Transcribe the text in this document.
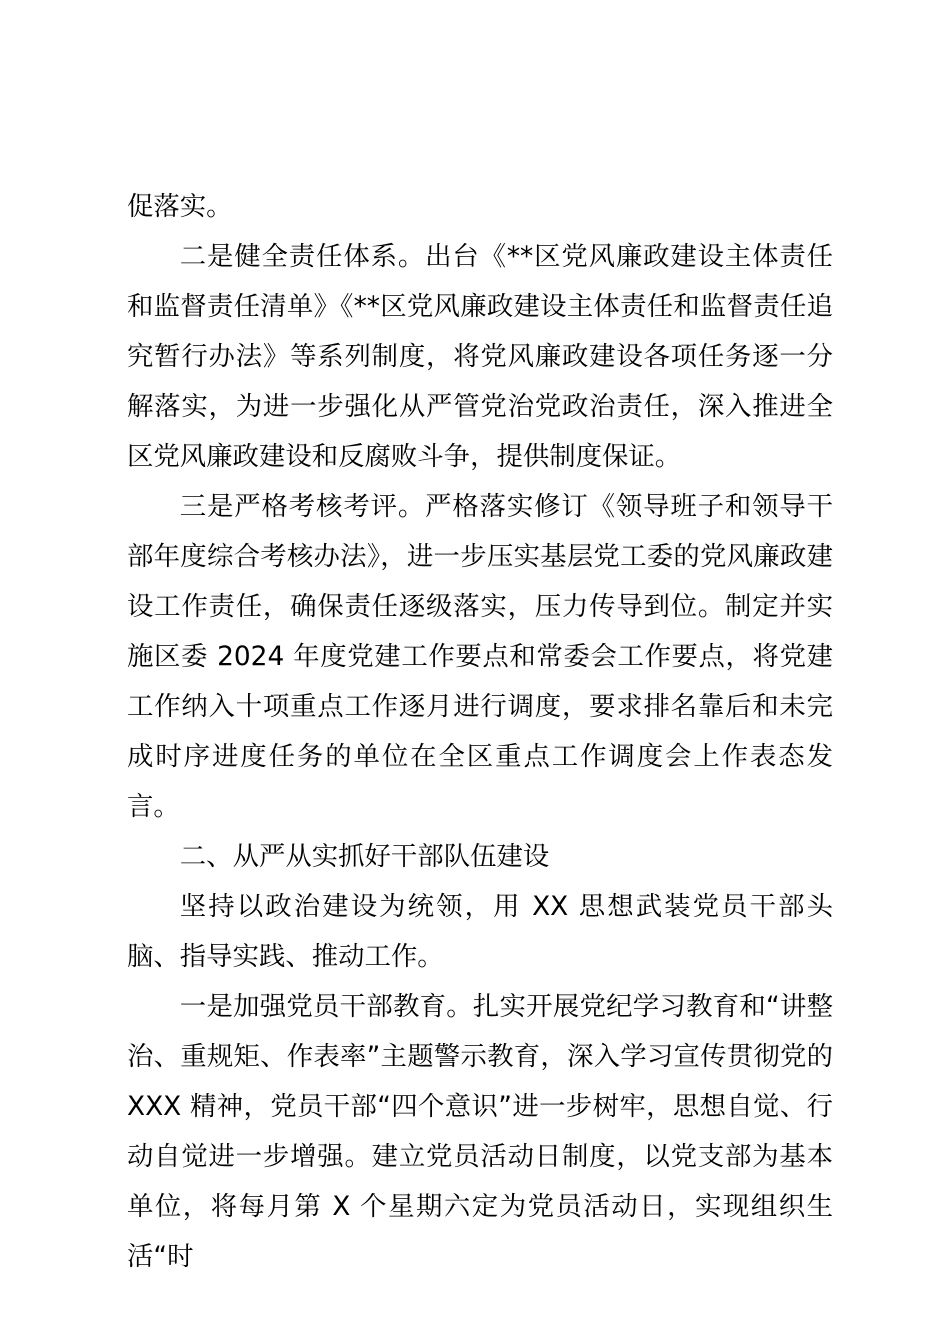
促落实。

二是健全责任体系。出台《**区党风廉政建设主体责任和监督责任清单》《**区党风廉政建设主体责任和监督责任追究暂行办法》等系列制度，将党风廉政建设各项任务逐一分解落实，为进一步强化从严管党治党政治责任，深入推进全区党风廉政建设和反腐败斗争，提供制度保证。

三是严格考核考评。严格落实修订《领导班子和领导干部年度综合考核办法》，进一步压实基层党工委的党风廉政建设工作责任，确保责任逐级落实，压力传导到位。制定并实施区委 2024 年度党建工作要点和常委会工作要点，将党建工作纳入十项重点工作逐月进行调度，要求排名靠后和未完成时序进度任务的单位在全区重点工作调度会上作表态发言。

二、从严从实抓好干部队伍建设

坚持以政治建设为统领，用 XX 思想武装党员干部头脑、指导实践、推动工作。

一是加强党员干部教育。扎实开展党纪学习教育和“讲整治、重规矩、作表率”主题警示教育，深入学习宣传贯彻党的 XXX 精神，党员干部“四个意识”进一步树牢，思想自觉、行动自觉进一步增强。建立党员活动日制度，以党支部为基本单位，将每月第 X 个星期六定为党员活动日，实现组织生活“时
